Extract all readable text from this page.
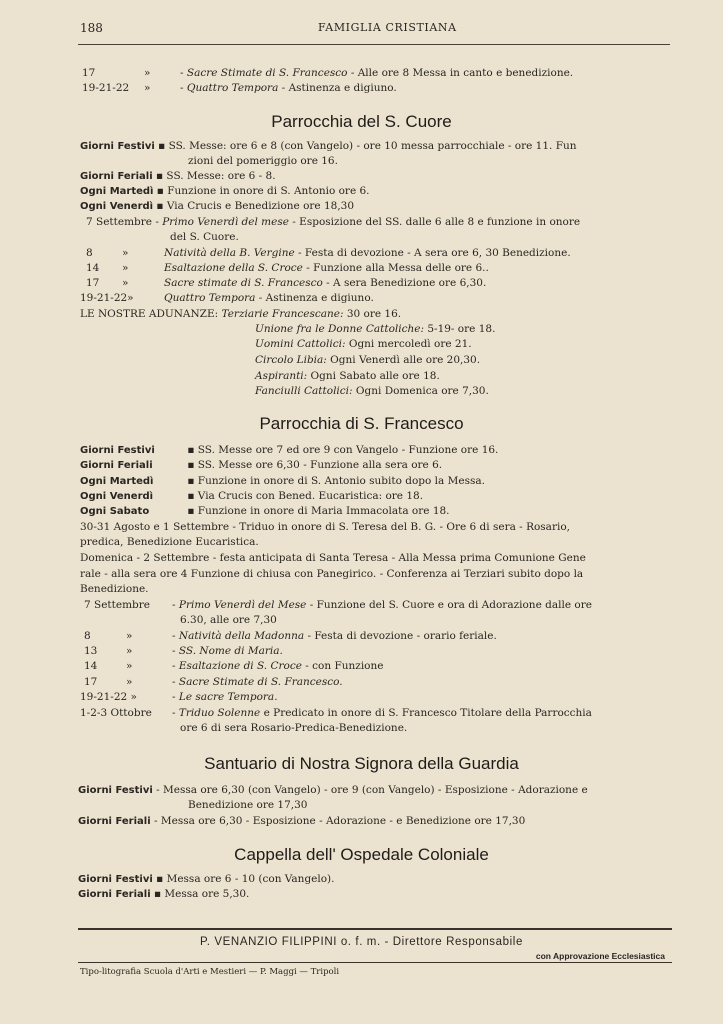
188	FAMIGLIA CRISTIANA
17	»	- Sacre Stimate di S. Francesco - Alle ore 8 Messa in canto e benedizione.
19-21-22 »	- Quattro Tempora - Astinenza e digiuno.
Parrocchia del S. Cuore
Giorni Festivi ▪ SS. Messe: ore 6 e 8 (con Vangelo) - ore 10 messa parrocchiale - ore 11. Fun
zioni del pomeriggio ore 16.
Giorni Feriali ▪ SS. Messe: ore 6 - 8.
Ogni Martedì ▪ Funzione in onore di S. Antonio ore 6.
Ogni Venerdì ▪ Via Crucis e Benedizione ore 18,30
7 Settembre - Primo Venerdì del mese - Esposizione del SS. dalle 6 alle 8 e funzione in onore
del S. Cuore.
8	»	Natività della B. Vergine - Festa di devozione - A sera ore 6, 30 Benedizione.
14 »	Esaltazione della S. Croce - Funzione alla Messa delle ore 6..
17 »	Sacre stimate di S. Francesco - A sera Benedizione ore 6,30.
19-21-22»	Quattro Tempora - Astinenza e digiuno.
LE NOSTRE ADUNANZE: Terziarie Francescane: 30 ore 16.
Unione fra le Donne Cattoliche: 5-19- ore 18.
Uomini Cattolici: Ogni mercoledì ore 21.
Circolo Libia: Ogni Venerdì alle ore 20,30.
Aspiranti: Ogni Sabato alle ore 18.
Fanciulli Cattolici: Ogni Domenica ore 7,30.
Parrocchia di S. Francesco
Giorni Festivi	▪ SS. Messe ore 7 ed ore 9 con Vangelo - Funzione ore 16.
Giorni Feriali	▪ SS. Messe ore 6,30 - Funzione alla sera ore 6.
Ogni Martedì	▪ Funzione in onore di S. Antonio subito dopo la Messa.
Ogni Venerdì	▪ Via Crucis con Bened. Eucaristica: ore 18.
Ogni Sabato	▪ Funzione in onore di Maria Immacolata ore 18.
30-31 Agosto e 1 Settembre - Triduo in onore di S. Teresa del B. G. - Ore 6 di sera - Rosario,
predica, Benedizione Eucaristica.
Domenica - 2 Settembre - festa anticipata di Santa Teresa - Alla Messa prima Comunione Gene
rale - alla sera ore 4 Funzione di chiusa con Panegirico. - Conferenza ai Terziari subito dopo la
Benedizione.
7 Settembre - Primo Venerdì del Mese - Funzione del S. Cuore e ora di Adorazione dalle ore
6.30, alle ore 7,30
8	»	- Natività della Madonna - Festa di devozione - orario feriale.
13	»	- SS. Nome di Maria.
14	»	- Esaltazione di S. Croce - con Funzione
17	»	- Sacre Stimate di S. Francesco.
19-21-22 »	- Le sacre Tempora.
1-2-3 Ottobre - Triduo Solenne e Predicato in onore di S. Francesco Titolare della Parrocchia
ore 6 di sera Rosario-Predica-Benedizione.
Santuario di Nostra Signora della Guardia
Giorni Festivi - Messa ore 6,30 (con Vangelo) - ore 9 (con Vangelo) - Esposizione - Adorazione e
Benedizione ore 17,30
Giorni Feriali - Messa ore 6,30 - Esposizione - Adorazione - e Benedizione ore 17,30
Cappella dell' Ospedale Coloniale
Giorni Festivi ▪ Messa ore 6 - 10 (con Vangelo).
Giorni Feriali ▪ Messa ore 5,30.
P. VENANZIO FILIPPINI o. f. m. - Direttore Responsabile
con Approvazione Ecclesiastica
Tipo-litografia Scuola d'Arti e Mestieri — P. Maggi — Tripoli
